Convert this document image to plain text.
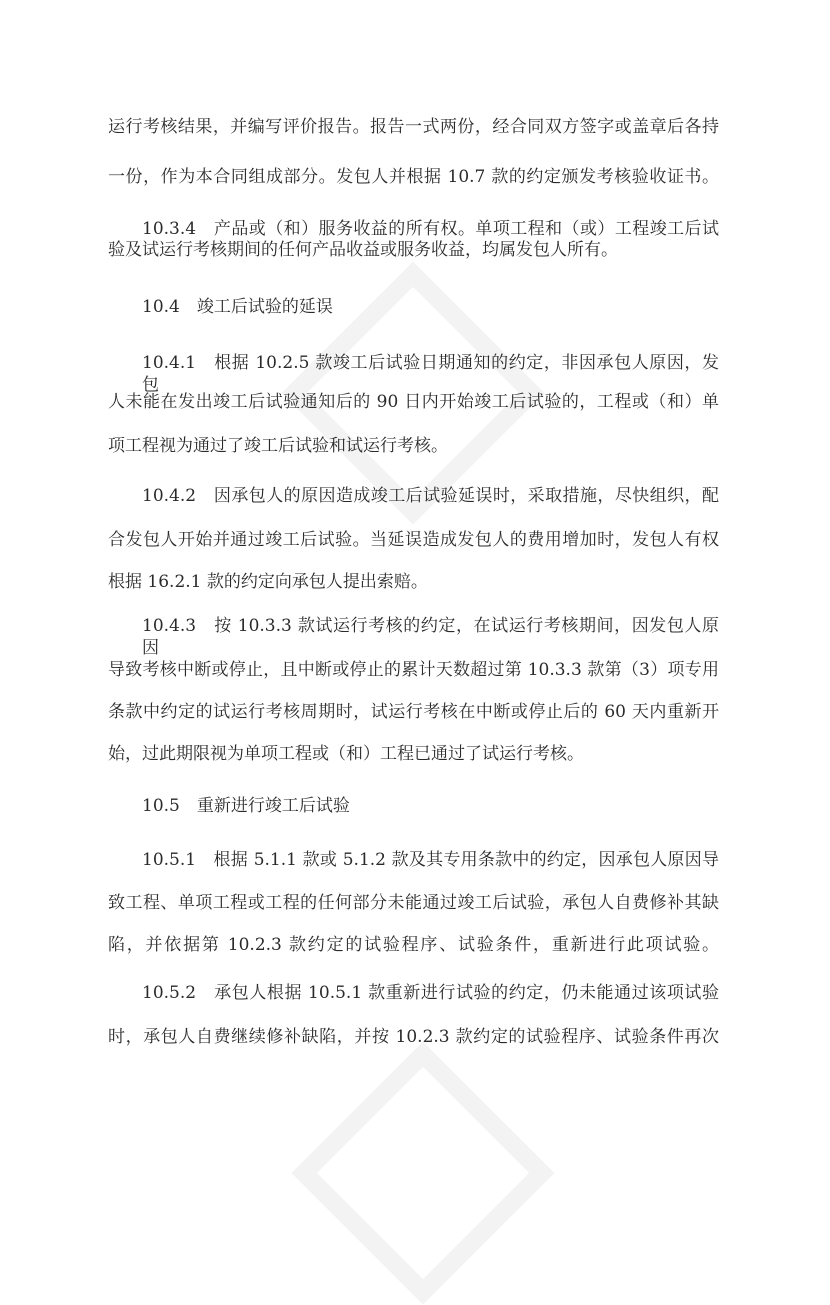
运行考核结果，并编写评价报告。报告一式两份，经合同双方签字或盖章后各持
一份，作为本合同组成部分。发包人并根据 10.7 款的约定颁发考核验收证书。
10.3.4　产品或（和）服务收益的所有权。单项工程和（或）工程竣工后试
验及试运行考核期间的任何产品收益或服务收益，均属发包人所有。
10.4　竣工后试验的延误
10.4.1　根据 10.2.5 款竣工后试验日期通知的约定，非因承包人原因，发包
人未能在发出竣工后试验通知后的 90 日内开始竣工后试验的，工程或（和）单
项工程视为通过了竣工后试验和试运行考核。
10.4.2　因承包人的原因造成竣工后试验延误时，采取措施，尽快组织，配
合发包人开始并通过竣工后试验。当延误造成发包人的费用增加时，发包人有权
根据 16.2.1 款的约定向承包人提出索赔。
10.4.3　按 10.3.3 款试运行考核的约定，在试运行考核期间，因发包人原因
导致考核中断或停止，且中断或停止的累计天数超过第 10.3.3 款第（3）项专用
条款中约定的试运行考核周期时，试运行考核在中断或停止后的 60 天内重新开
始，过此期限视为单项工程或（和）工程已通过了试运行考核。
10.5　重新进行竣工后试验
10.5.1　根据 5.1.1 款或 5.1.2 款及其专用条款中的约定，因承包人原因导
致工程、单项工程或工程的任何部分未能通过竣工后试验，承包人自费修补其缺
陷，并依据第 10.2.3 款约定的试验程序、试验条件，重新进行此项试验。
10.5.2　承包人根据 10.5.1 款重新进行试验的约定，仍未能通过该项试验
时，承包人自费继续修补缺陷，并按 10.2.3 款约定的试验程序、试验条件再次
